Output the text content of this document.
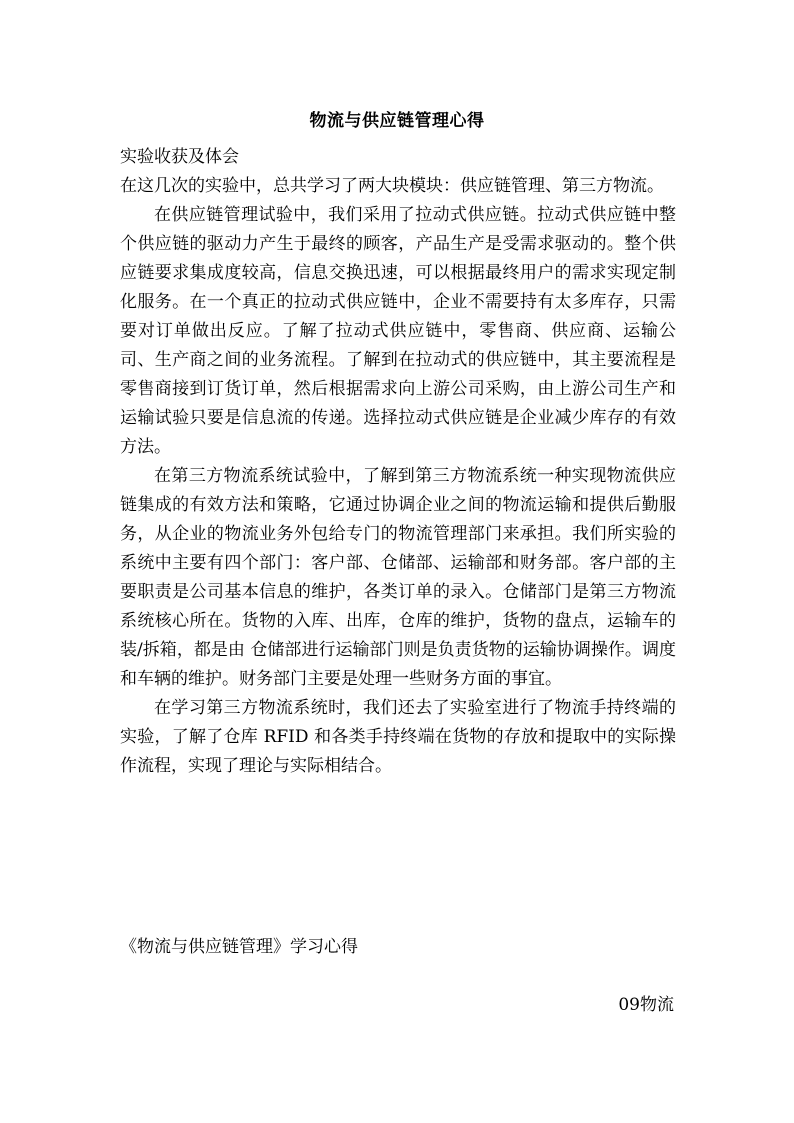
物流与供应链管理心得

实验收获及体会

在这几次的实验中，总共学习了两大块模块：供应链管理、第三方物流。

在供应链管理试验中，我们采用了拉动式供应链。拉动式供应链中整个供应链的驱动力产生于最终的顾客，产品生产是受需求驱动的。整个供应链要求集成度较高，信息交换迅速，可以根据最终用户的需求实现定制化服务。在一个真正的拉动式供应链中，企业不需要持有太多库存，只需要对订单做出反应。了解了拉动式供应链中，零售商、供应商、运输公司、生产商之间的业务流程。了解到在拉动式的供应链中，其主要流程是零售商接到订货订单，然后根据需求向上游公司采购，由上游公司生产和运输试验只要是信息流的传递。选择拉动式供应链是企业减少库存的有效方法。

在第三方物流系统试验中，了解到第三方物流系统一种实现物流供应链集成的有效方法和策略，它通过协调企业之间的物流运输和提供后勤服务，从企业的物流业务外包给专门的物流管理部门来承担。我们所实验的系统中主要有四个部门：客户部、仓储部、运输部和财务部。客户部的主要职责是公司基本信息的维护，各类订单的录入。仓储部门是第三方物流系统核心所在。货物的入库、出库，仓库的维护，货物的盘点，运输车的装/拆箱，都是由 仓储部进行运输部门则是负责货物的运输协调操作。调度和车辆的维护。财务部门主要是处理一些财务方面的事宜。

在学习第三方物流系统时，我们还去了实验室进行了物流手持终端的实验，了解了仓库 RFID 和各类手持终端在货物的存放和提取中的实际操作流程，实现了理论与实际相结合。

《物流与供应链管理》学习心得
09物流
